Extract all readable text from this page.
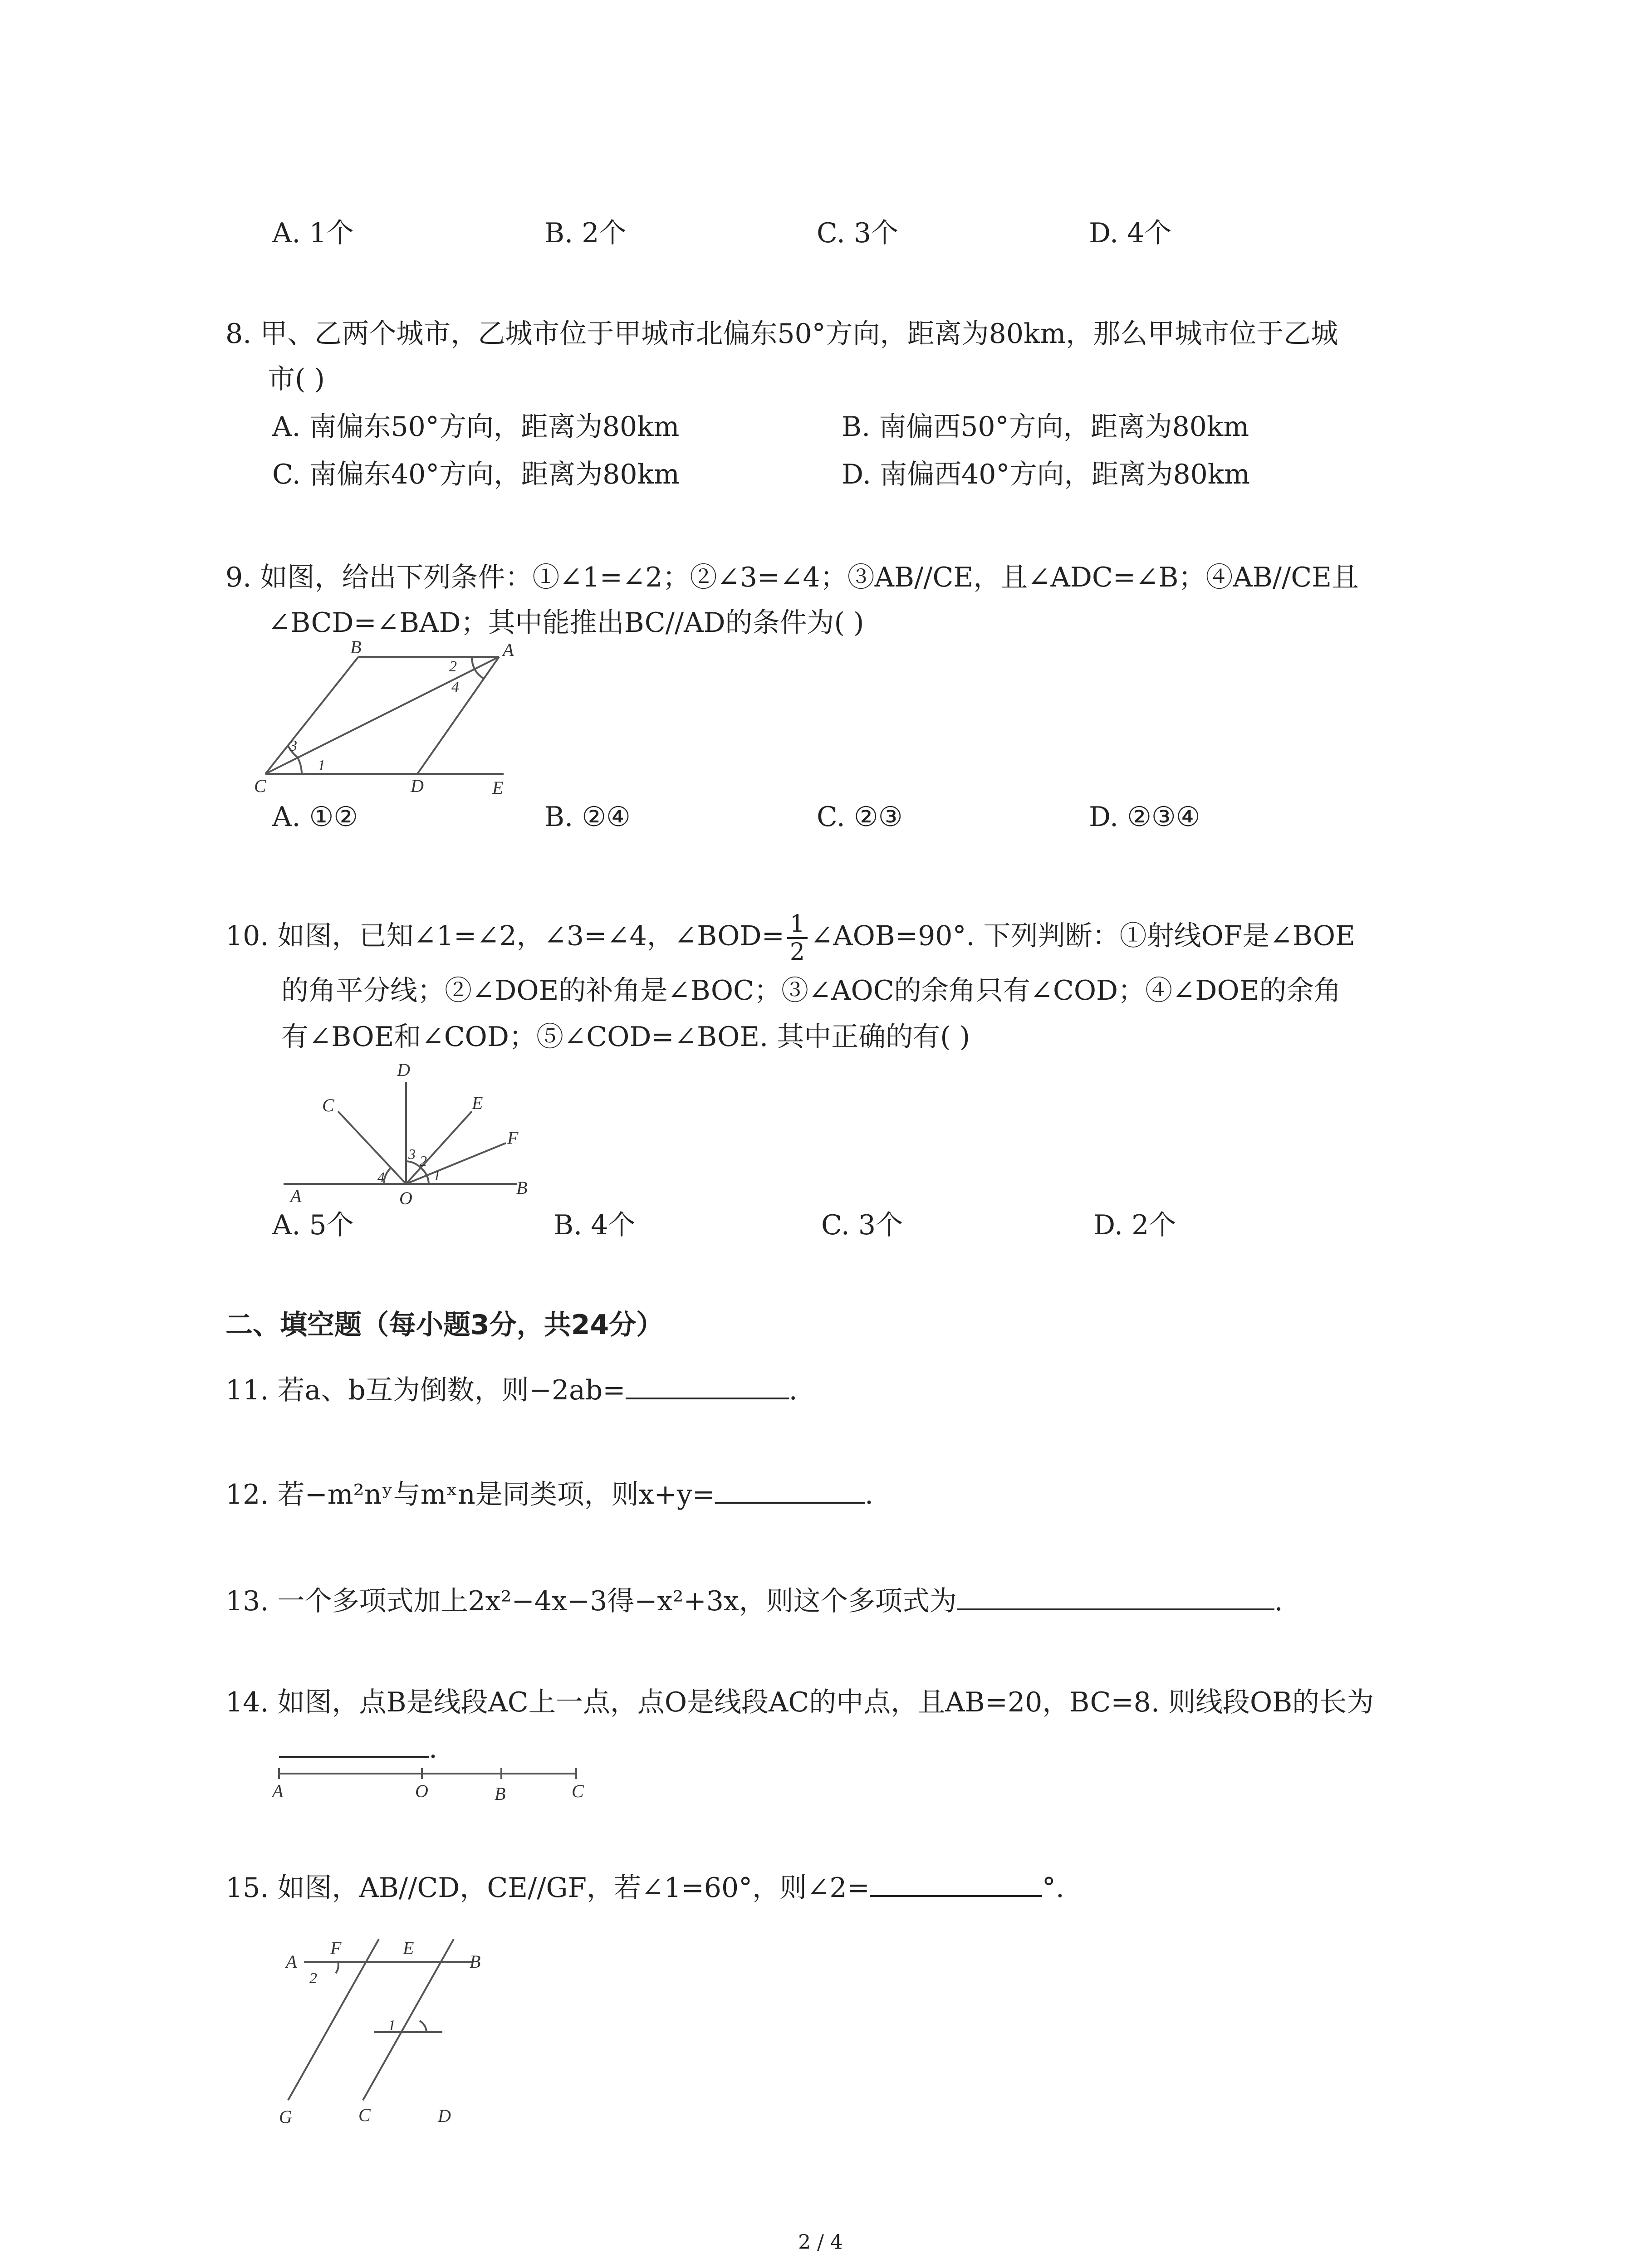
A. 1个	B. 2个	C. 3个	D. 4个
8. 甲、乙两个城市，乙城市位于甲城市北偏东50°方向，距离为80km，那么甲城市位于乙城
市( )
A. 南偏东50°方向，距离为80km	B. 南偏西50°方向，距离为80km
C. 南偏东40°方向，距离为80km	D. 南偏西40°方向，距离为80km
9. 如图，给出下列条件：①∠1=∠2；②∠3=∠4；③AB//CE，且∠ADC=∠B；④AB//CE且
∠BCD=∠BAD；其中能推出BC//AD的条件为( )
B	A
C	D	E
1
2
3
4
A. ①②	B. ②④	C. ②③	D. ②③④
10. 如图，已知∠1=∠2，∠3=∠4，∠BOD= $\frac{1}{2}$ ∠AOB=90°. 下列判断：①射线OF是∠BOE
的角平分线；②∠DOE的补角是∠BOC；③∠AOC的余角只有∠COD；④∠DOE的余角
有∠BOE和∠COD；⑤∠COD=∠BOE. 其中正确的有( )
D
C	E
F
A	O
B
1
2
3
4
A. 5个	B. 4个	C. 3个	D. 2个
二、填空题（每小题3分，共24分）
11. 若a、b互为倒数，则−2ab=	.
12. 若−m²nʸ与mˣn是同类项，则x+y=	.
13. 一个多项式加上2x²−4x−3得−x²+3x，则这个多项式为	.
14. 如图，点B是线段AC上一点，点O是线段AC的中点，且AB=20，BC=8. 则线段OB的长为
.
A	O	B	C
15. 如图，AB//CD，CE//GF，若∠1=60°，则∠2=	°.
A
F	E
B
G	C	D
1
2
2 / 4
